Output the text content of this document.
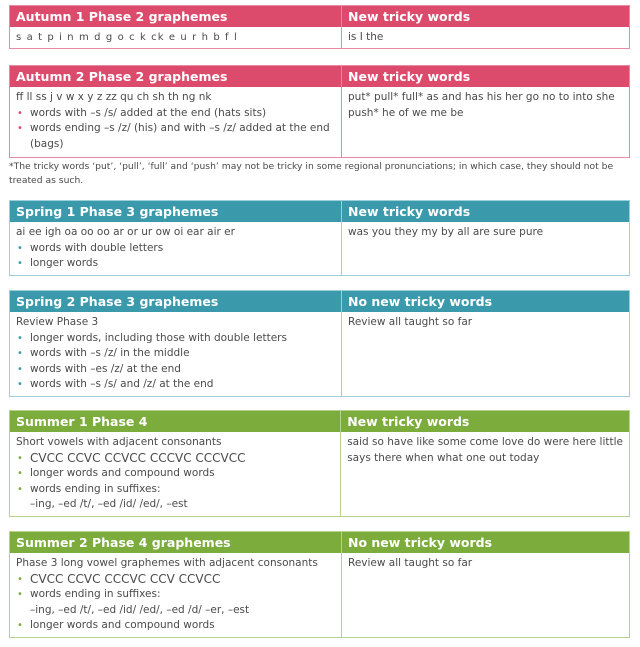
Autumn 1 Phase 2 graphemes
s a t p i n m d g o c k ck e u r h b f l
New tricky words
is I the
Autumn 2 Phase 2 graphemes
ff ll ss j v w x y z zz qu ch sh th ng nk
• words with –s /s/ added at the end (hats sits)
• words ending –s /z/ (his) and with –s /z/ added at the end
(bags)
New tricky words
put* pull* full* as and has his her go no to into she
push* he of we me be
*The tricky words ‘put’, ‘pull’, ‘full’ and ‘push’ may not be tricky in some regional pronunciations; in which case, they should not be
treated as such.
Spring 1 Phase 3 graphemes
ai ee igh oa oo oo ar or ur ow oi ear air er
• words with double letters
• longer words
New tricky words
was you they my by all are sure pure
Spring 2 Phase 3 graphemes
Review Phase 3
• longer words, including those with double letters
• words with –s /z/ in the middle
• words with –es /z/ at the end
• words with –s /s/ and /z/ at the end
No new tricky words
Review all taught so far
Summer 1 Phase 4
Short vowels with adjacent consonants
• CVCC CCVC CCVCC CCCVC CCCVCC
• longer words and compound words
• words ending in suffixes:
–ing, –ed /t/, –ed /id/ /ed/, –est
New tricky words
said so have like some come love do were here little
says there when what one out today
Summer 2 Phase 4 graphemes
Phase 3 long vowel graphemes with adjacent consonants
• CVCC CCVC CCCVC CCV CCVCC
• words ending in suffixes:
–ing, –ed /t/, –ed /id/ /ed/, –ed /d/ –er, –est
• longer words and compound words
No new tricky words
Review all taught so far
